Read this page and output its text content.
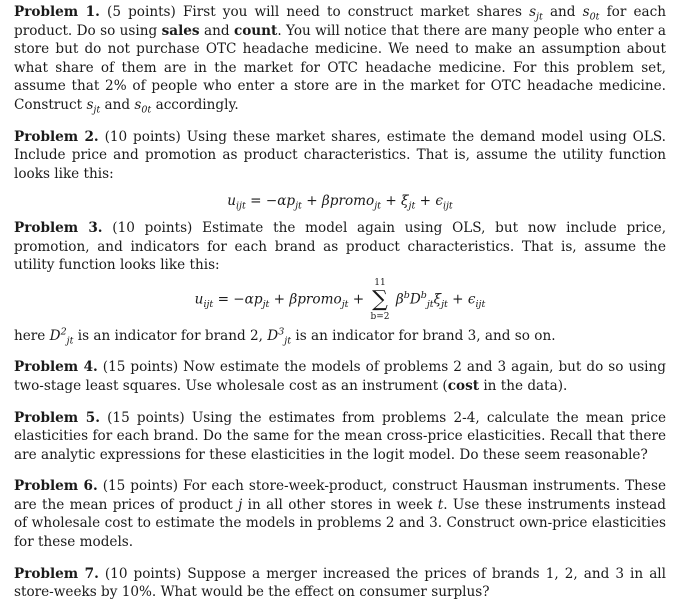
Problem 1. (5 points) First you will need to construct market shares $s_{jt}$ and $s_{0t}$ for each product. Do so using sales and count. You will notice that there are many people who enter a store but do not purchase OTC headache medicine. We need to make an assumption about what share of them are in the market for OTC headache medicine. For this problem set, assume that 2% of people who enter a store are in the market for OTC headache medicine. Construct $s_{jt}$ and $s_{0t}$ accordingly.

Problem 2. (10 points) Using these market shares, estimate the demand model using OLS. Include price and promotion as product characteristics. That is, assume the utility function looks like this:

$u_{ijt} = -\alpha p_{jt}$ + βpromo$_{jt}$ + $\xi_{jt} + \epsilon_{ijt}$

Problem 3. (10 points) Estimate the model again using OLS, but now include price, promotion, and indicators for each brand as product characteristics. That is, assume the utility function looks like this:

$u_{ijt} = -\alpha p_{jt}$ + βpromo$_{jt}$ +
11
∑
b=2
$\beta^bD^b_{jt}\xi_{jt} + \epsilon_{ijt}$

here $D^2_{jt}$ is an indicator for brand 2, $D^3_{jt}$ is an indicator for brand 3, and so on.

Problem 4. (15 points) Now estimate the models of problems 2 and 3 again, but do so using two-stage least squares. Use wholesale cost as an instrument (cost in the data).

Problem 5. (15 points) Using the estimates from problems 2-4, calculate the mean price elasticities for each brand. Do the same for the mean cross-price elasticities. Recall that there are analytic expressions for these elasticities in the logit model. Do these seem reasonable?

Problem 6. (15 points) For each store-week-product, construct Hausman instruments. These are the mean prices of product j in all other stores in week t. Use these instruments instead of wholesale cost to estimate the models in problems 2 and 3. Construct own-price elasticities for these models.

Problem 7. (10 points) Suppose a merger increased the prices of brands 1, 2, and 3 in all store-weeks by 10%. What would be the effect on consumer surplus?
